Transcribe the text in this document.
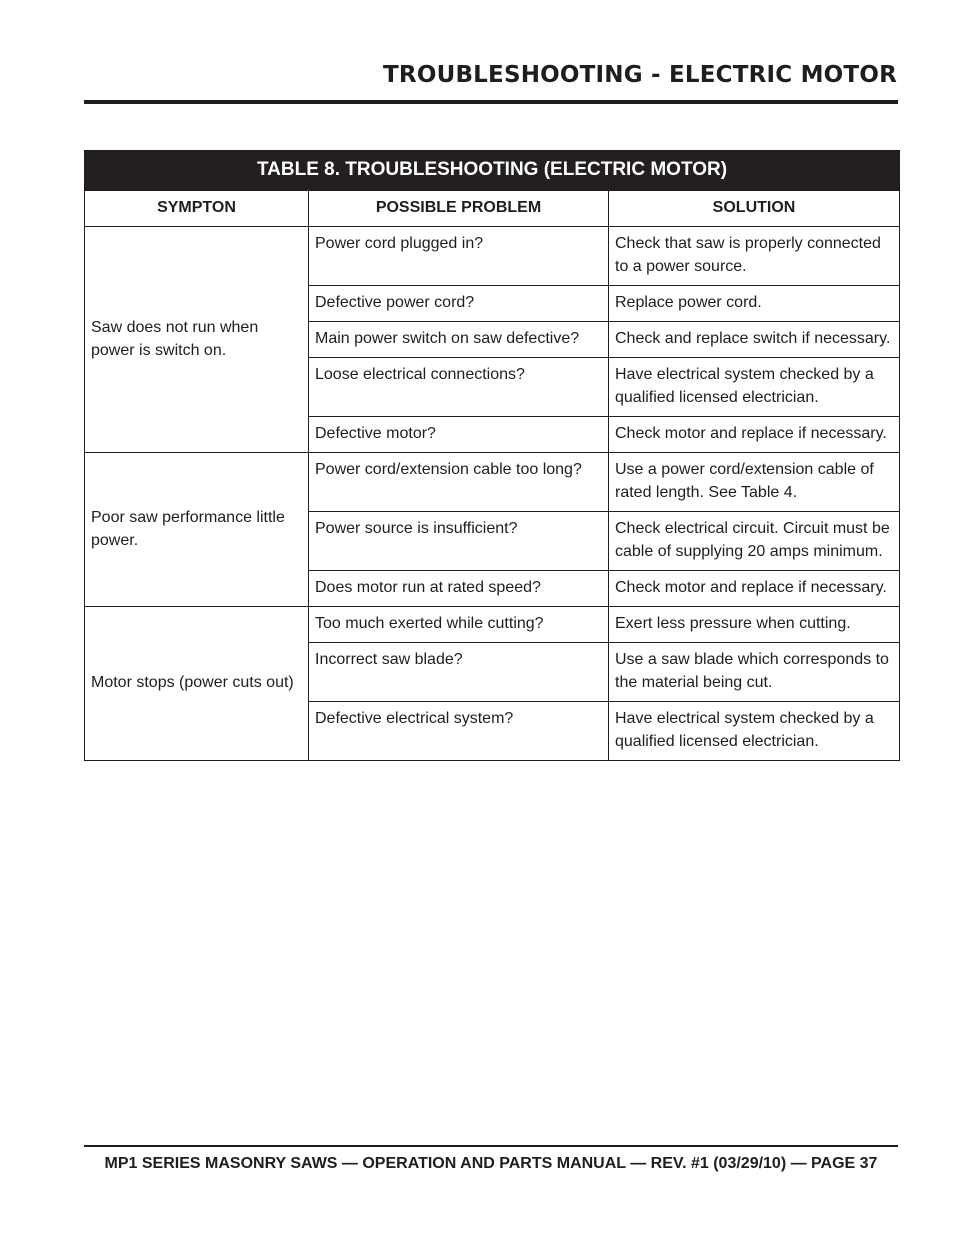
TROUBLESHOOTING - ELECTRIC MOTOR
TABLE 8. TROUBLESHOOTING (ELECTRIC MOTOR)		
SYMPTON	POSSIBLE PROBLEM	SOLUTION
Saw does not run when power is switch on.	Power cord plugged in?	Check that saw is properly connected to a power source.
	Defective power cord?	Replace power cord.
	Main power switch on saw defective?	Check and replace switch if necessary.
	Loose electrical connections?	Have electrical system checked by a qualified licensed electrician.
	Defective motor?	Check motor and replace if necessary.
Poor saw performance little power.	Power cord/extension cable too long?	Use a power cord/extension cable of rated length. See Table 4.
	Power source is insufficient?	Check electrical circuit. Circuit must be cable of supplying 20 amps minimum.
	Does motor run at rated speed?	Check motor and replace if necessary.
Motor stops (power cuts out)	Too much exerted while cutting?	Exert less pressure when cutting.
	Incorrect saw blade?	Use a saw blade which corresponds to the material being cut.
	Defective electrical system?	Have electrical system checked by a qualified licensed electrician.
MP1 SERIES MASONRY SAWS — OPERATION AND PARTS MANUAL — REV. #1 (03/29/10) — PAGE 37
